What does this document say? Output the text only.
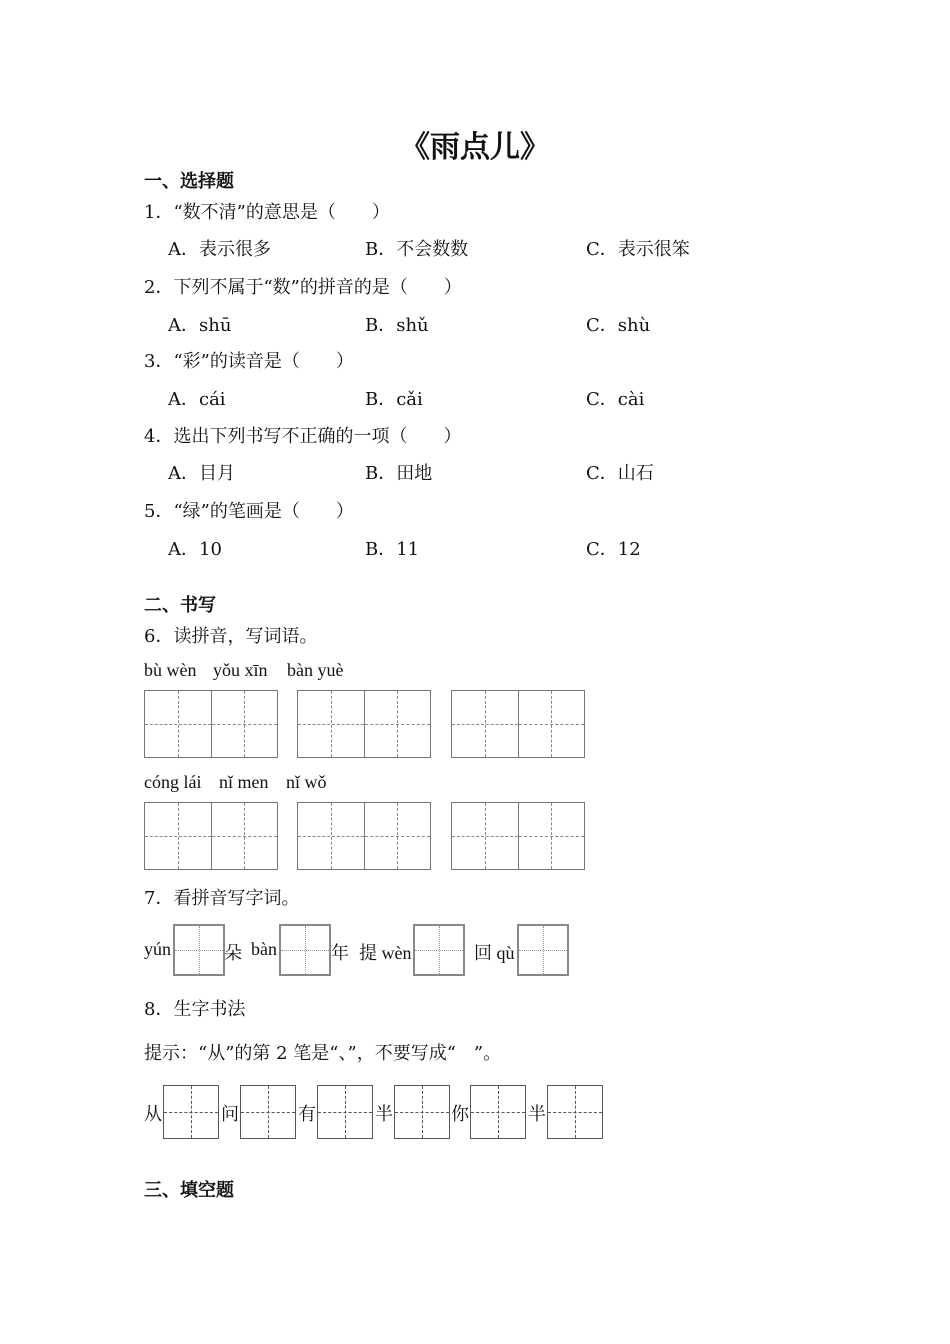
《雨点儿》
一、选择题
1．“数不清”的意思是（　　）
A．表示很多	B．不会数数	C．表示很笨
2．下列不属于“数”的拼音的是（　　）
A．shū	B．shǔ	C．shù
3．“彩”的读音是（　　）
A．cái	B．cǎi	C．cài
4．选出下列书写不正确的一项（　　）
A．目月	B．田地	C．山石
5．“绿”的笔画是（　　）
A．10	B．11	C．12
二、书写
6．读拼音，写词语。
bù wèn yǒu xīn bàn yuè
cóng lái nǐ men nǐ wǒ
7．看拼音写字词。
yún	朵 bàn	年 提 wèn	回 qù
8．生字书法
提示：“从”的第 2 笔是“、”，不要写成“　”。
从	问	有	半	你	半
三、填空题
